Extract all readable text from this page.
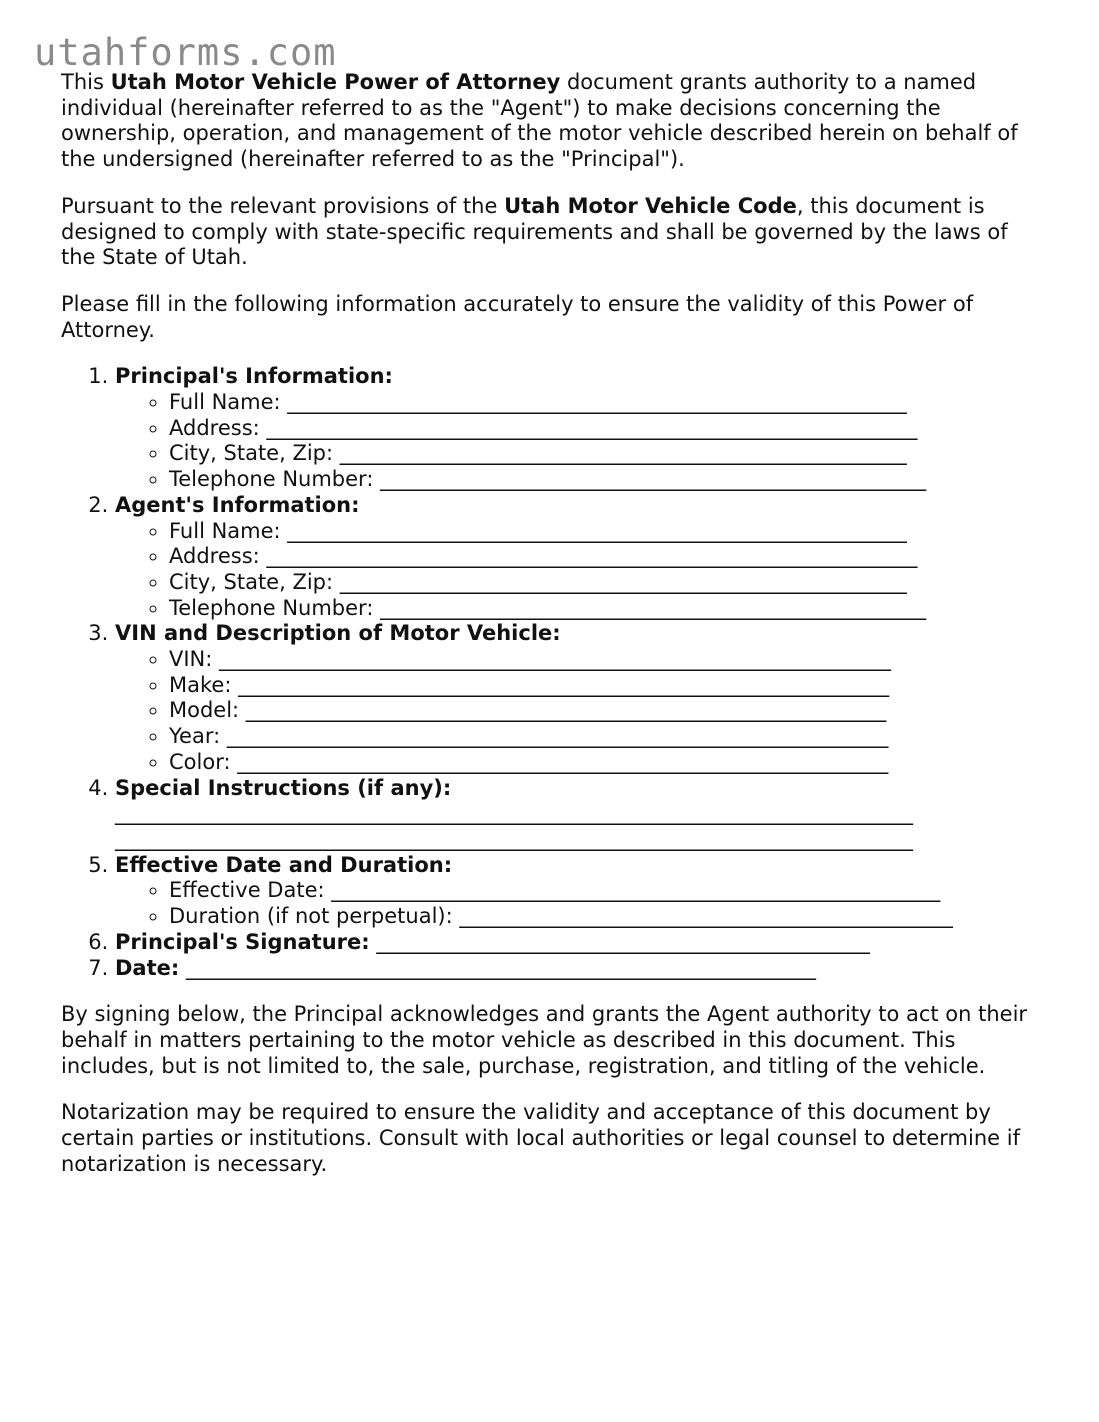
utahforms.com

This Utah Motor Vehicle Power of Attorney document grants authority to a named individual (hereinafter referred to as the "Agent") to make decisions concerning the ownership, operation, and management of the motor vehicle described herein on behalf of the undersigned (hereinafter referred to as the "Principal").

Pursuant to the relevant provisions of the Utah Motor Vehicle Code, this document is designed to comply with state-specific requirements and shall be governed by the laws of the State of Utah.

Please fill in the following information accurately to ensure the validity of this Power of Attorney.

1. Principal's Information:
◦ Full Name: ___________________________________________________________
◦ Address: ______________________________________________________________
◦ City, State, Zip: ______________________________________________________
◦ Telephone Number: ____________________________________________________
2. Agent's Information:
◦ Full Name: ___________________________________________________________
◦ Address: ______________________________________________________________
◦ City, State, Zip: ______________________________________________________
◦ Telephone Number: ____________________________________________________
3. VIN and Description of Motor Vehicle:
◦ VIN: ________________________________________________________________
◦ Make: ______________________________________________________________
◦ Model: _____________________________________________________________
◦ Year: _______________________________________________________________
◦ Color: ______________________________________________________________
4. Special Instructions (if any):
____________________________________________________________________________
____________________________________________________________________________
5. Effective Date and Duration:
◦ Effective Date: __________________________________________________________
◦ Duration (if not perpetual): _______________________________________________
6. Principal's Signature: _______________________________________________
7. Date: ____________________________________________________________

By signing below, the Principal acknowledges and grants the Agent authority to act on their behalf in matters pertaining to the motor vehicle as described in this document. This includes, but is not limited to, the sale, purchase, registration, and titling of the vehicle.

Notarization may be required to ensure the validity and acceptance of this document by certain parties or institutions. Consult with local authorities or legal counsel to determine if notarization is necessary.
